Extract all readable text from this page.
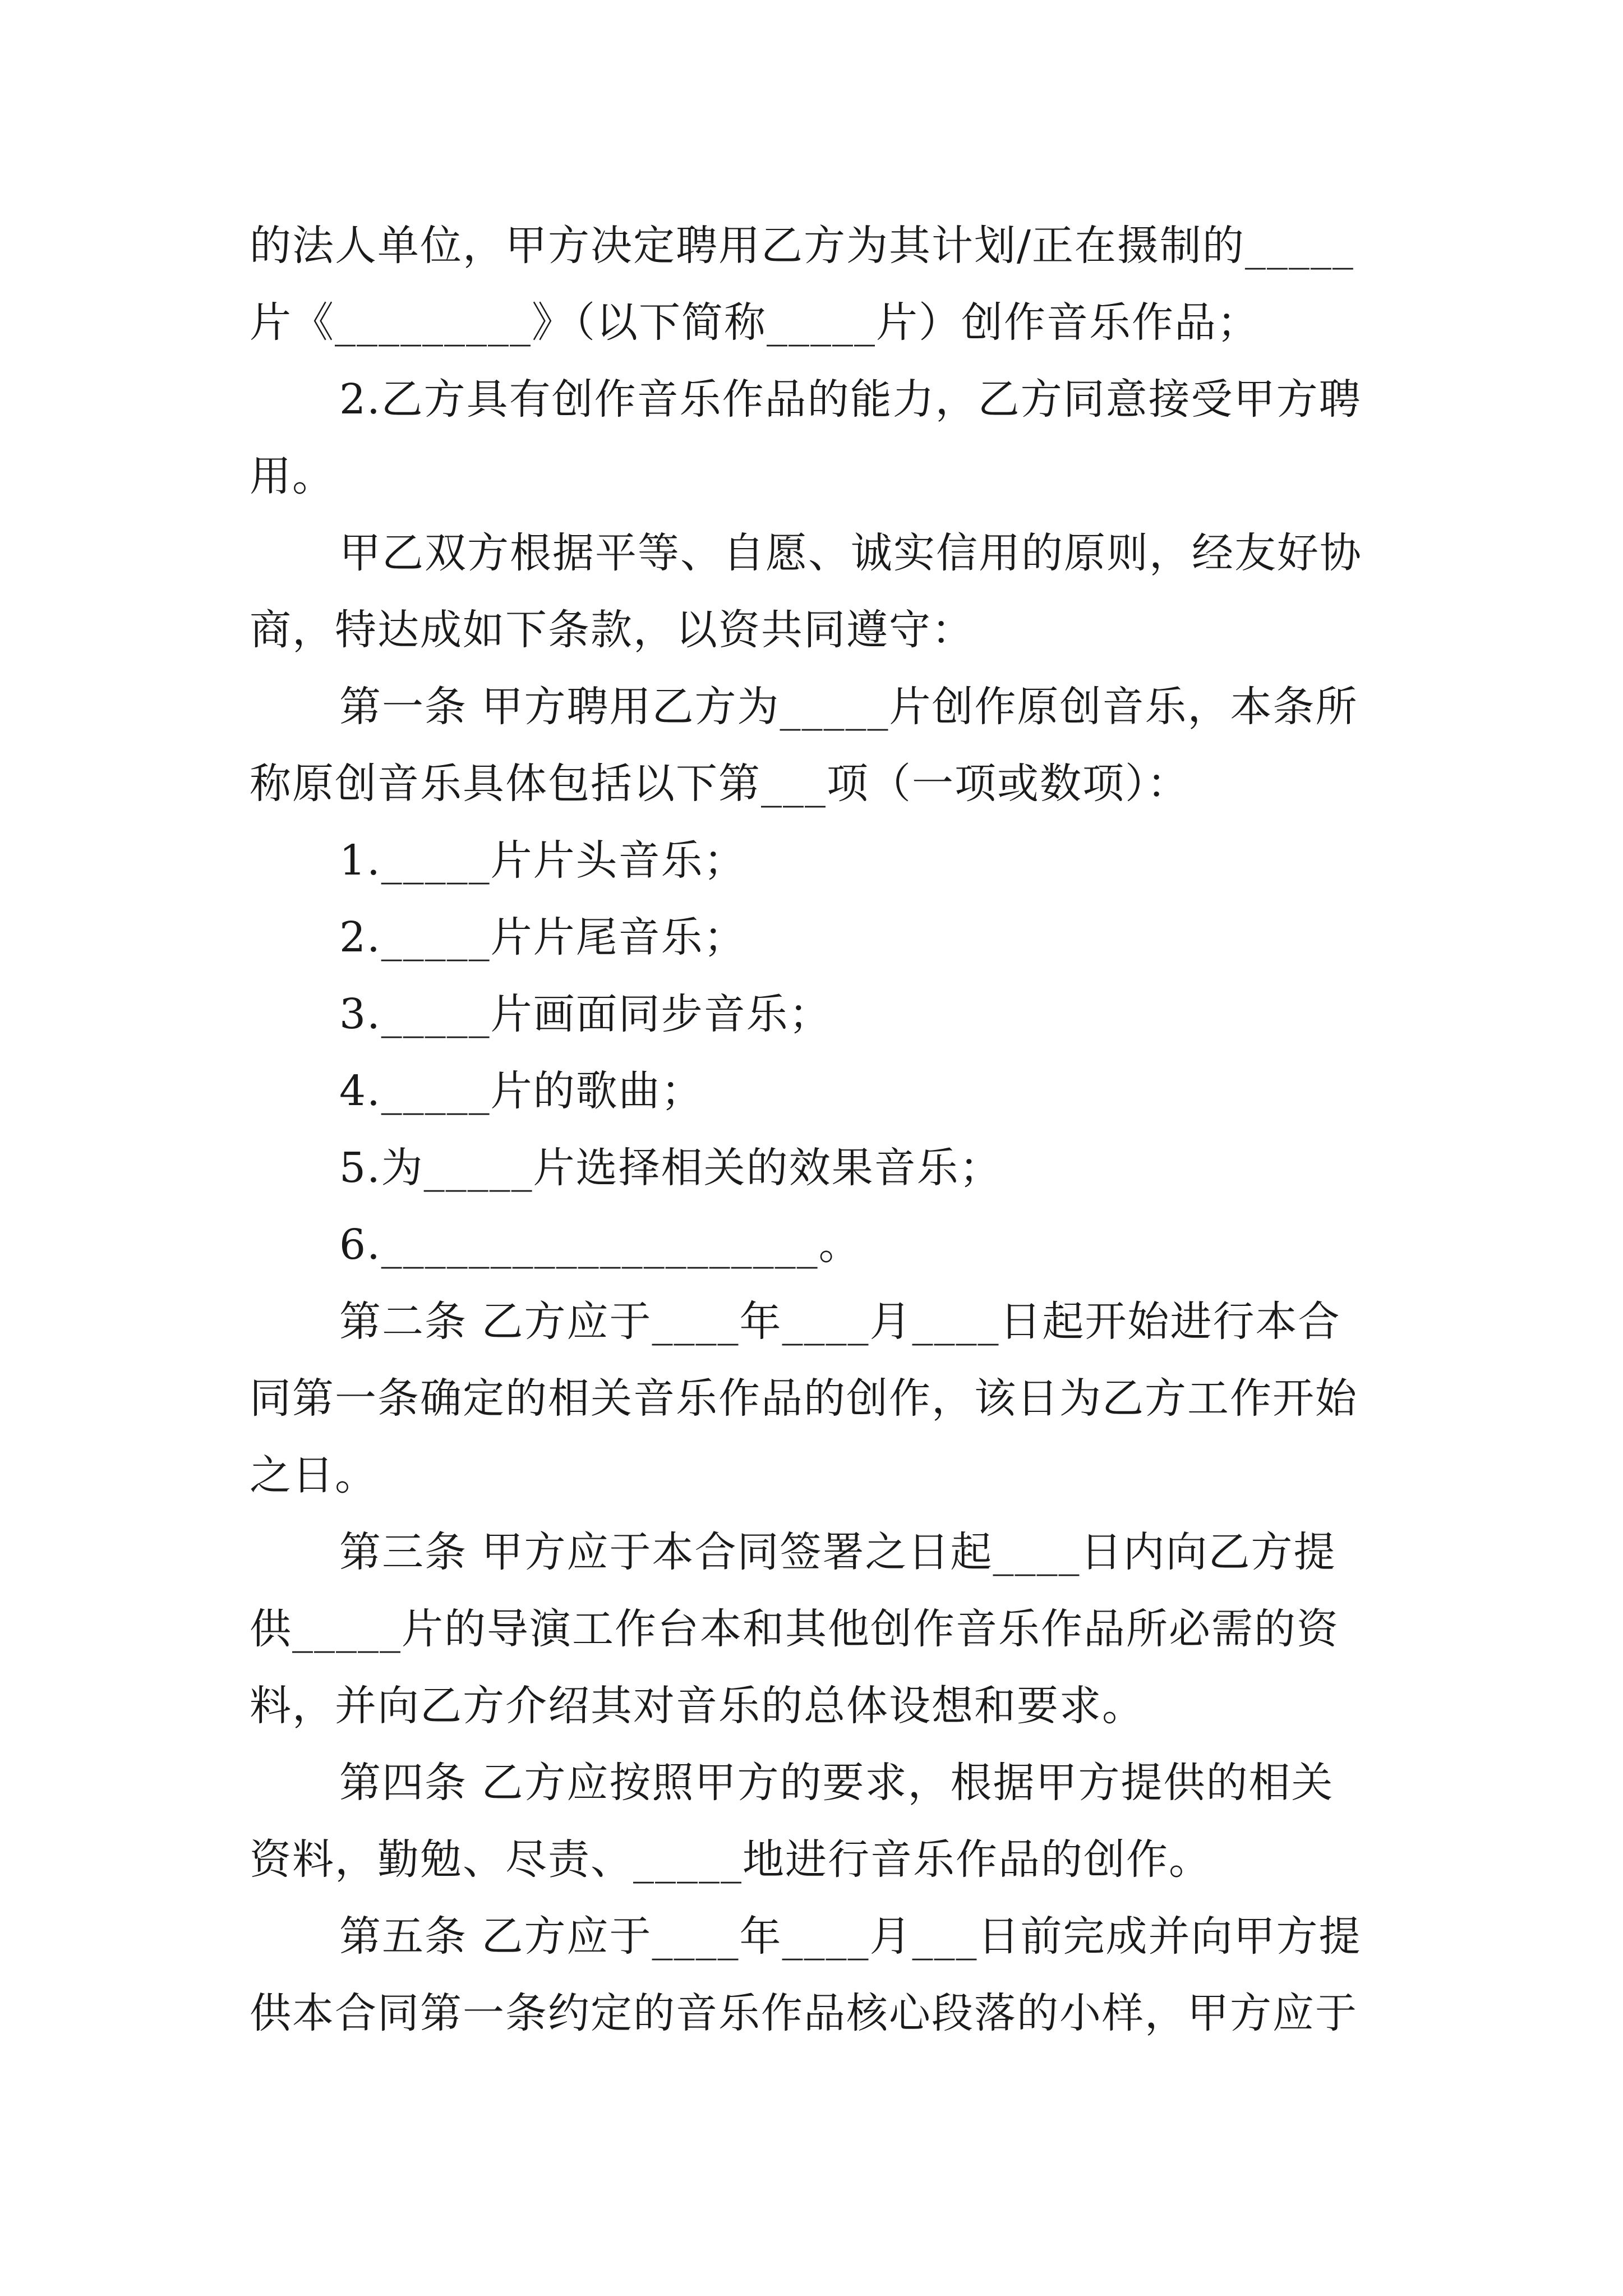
的法人单位，甲方决定聘用乙方为其计划/正在摄制的_____
片《_________》（以下简称_____片）创作音乐作品；
2.乙方具有创作音乐作品的能力，乙方同意接受甲方聘
用。
甲乙双方根据平等、自愿、诚实信用的原则，经友好协
商，特达成如下条款，以资共同遵守：
第一条 甲方聘用乙方为_____片创作原创音乐，本条所
称原创音乐具体包括以下第___项（一项或数项）：
1._____片片头音乐；
2._____片片尾音乐；
3._____片画面同步音乐；
4._____片的歌曲；
5.为_____片选择相关的效果音乐；
6.____________________。
第二条 乙方应于____年____月____日起开始进行本合
同第一条确定的相关音乐作品的创作，该日为乙方工作开始
之日。
第三条 甲方应于本合同签署之日起____日内向乙方提
供_____片的导演工作台本和其他创作音乐作品所必需的资
料，并向乙方介绍其对音乐的总体设想和要求。
第四条 乙方应按照甲方的要求，根据甲方提供的相关
资料，勤勉、尽责、_____地进行音乐作品的创作。
第五条 乙方应于____年____月___日前完成并向甲方提
供本合同第一条约定的音乐作品核心段落的小样，甲方应于
